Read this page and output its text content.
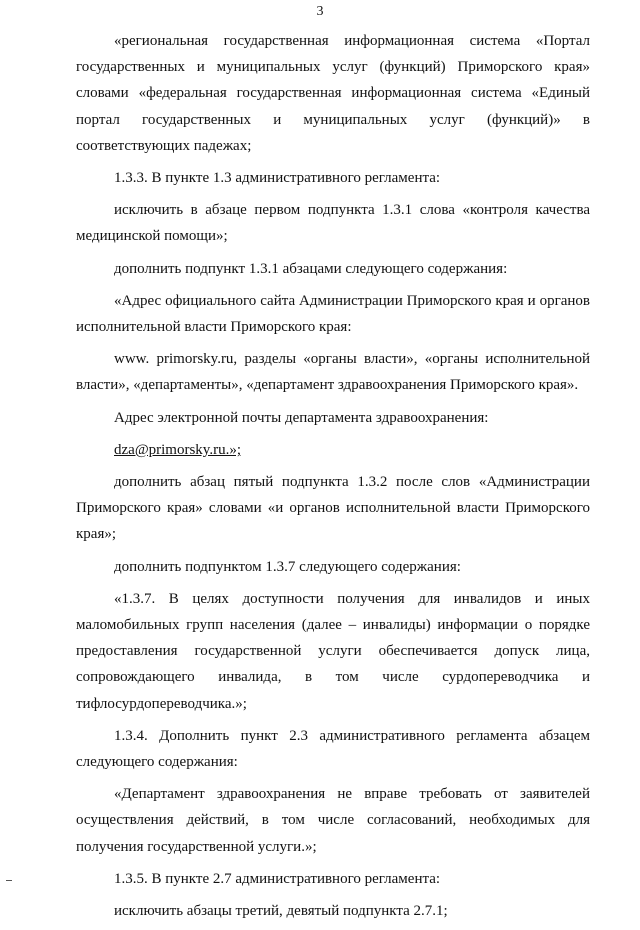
3

«региональная государственная информационная система «Портал государственных и муниципальных услуг (функций) Приморского края» словами «федеральная государственная информационная система «Единый портал государственных и муниципальных услуг (функций)» в соответствующих падежах;

1.3.3. В пункте 1.3 административного регламента:

исключить в абзаце первом подпункта 1.3.1 слова «контроля качества медицинской помощи»;

дополнить подпункт 1.3.1 абзацами следующего содержания:

«Адрес официального сайта Администрации Приморского края и органов исполнительной власти Приморского края:

www. primorsky.ru, разделы «органы власти», «органы исполнительной власти», «департаменты», «департамент здравоохранения Приморского края».

Адрес электронной почты департамента здравоохранения:

dza@primorsky.ru.»;

дополнить абзац пятый подпункта 1.3.2 после слов «Администрации Приморского края» словами «и органов исполнительной власти Приморского края»;

дополнить подпунктом 1.3.7 следующего содержания:

«1.3.7. В целях доступности получения для инвалидов и иных маломобильных групп населения (далее – инвалиды) информации о порядке предоставления государственной услуги обеспечивается допуск лица, сопровождающего инвалида, в том числе сурдопереводчика и тифлосурдопереводчика.»;

1.3.4. Дополнить пункт 2.3 административного регламента абзацем следующего содержания:

«Департамент здравоохранения не вправе требовать от заявителей осуществления действий, в том числе согласований, необходимых для получения государственной услуги.»;

1.3.5. В пункте 2.7 административного регламента:

исключить абзацы третий, девятый подпункта 2.7.1;
